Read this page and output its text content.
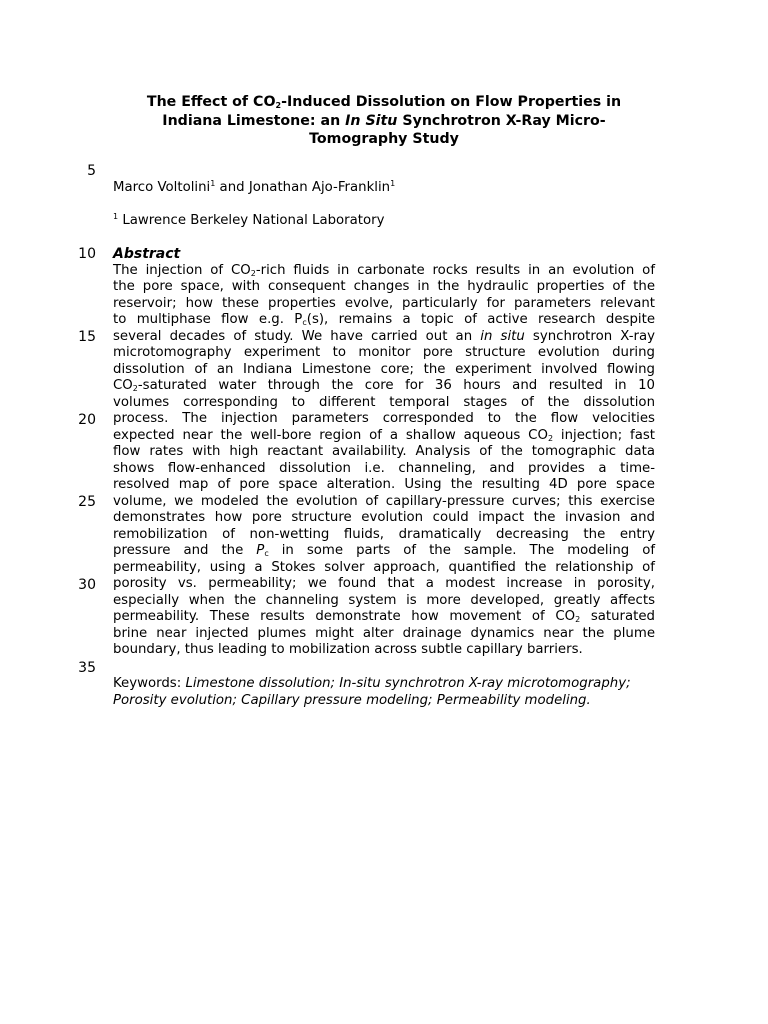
The Effect of $CO_2$-Induced Dissolution on Flow Properties in
Indiana Limestone: an In Situ Synchrotron X-Ray Micro-
Tomography Study
5
10
15
20
25
30
35
Marco Voltolini$^1$ and Jonathan Ajo-Franklin$^1$
$^1$ Lawrence Berkeley National Laboratory
Abstract
The injection of $CO_2$-rich fluids in carbonate rocks results in an evolution of
the pore space, with consequent changes in the hydraulic properties of the
reservoir; how these properties evolve, particularly for parameters relevant
to multiphase flow e.g. $P_c(s)$, remains a topic of active research despite
several decades of study. We have carried out an in situ synchrotron X-ray
microtomography experiment to monitor pore structure evolution during
dissolution of an Indiana Limestone core; the experiment involved flowing
$CO_2$-saturated water through the core for 36 hours and resulted in 10
volumes corresponding to different temporal stages of the dissolution
process. The injection parameters corresponded to the flow velocities
expected near the well-bore region of a shallow aqueous $CO_2$ injection; fast
flow rates with high reactant availability. Analysis of the tomographic data
shows flow-enhanced dissolution i.e. channeling, and provides a time-
resolved map of pore space alteration. Using the resulting 4D pore space
volume, we modeled the evolution of capillary-pressure curves; this exercise
demonstrates how pore structure evolution could impact the invasion and
remobilization of non-wetting fluids, dramatically decreasing the entry
pressure and the $P_c$ in some parts of the sample. The modeling of
permeability, using a Stokes solver approach, quantified the relationship of
porosity vs. permeability; we found that a modest increase in porosity,
especially when the channeling system is more developed, greatly affects
permeability. These results demonstrate how movement of $CO_2$ saturated
brine near injected plumes might alter drainage dynamics near the plume
boundary, thus leading to mobilization across subtle capillary barriers.
Keywords: Limestone dissolution; In-situ synchrotron X-ray microtomography;
Porosity evolution; Capillary pressure modeling; Permeability modeling.
